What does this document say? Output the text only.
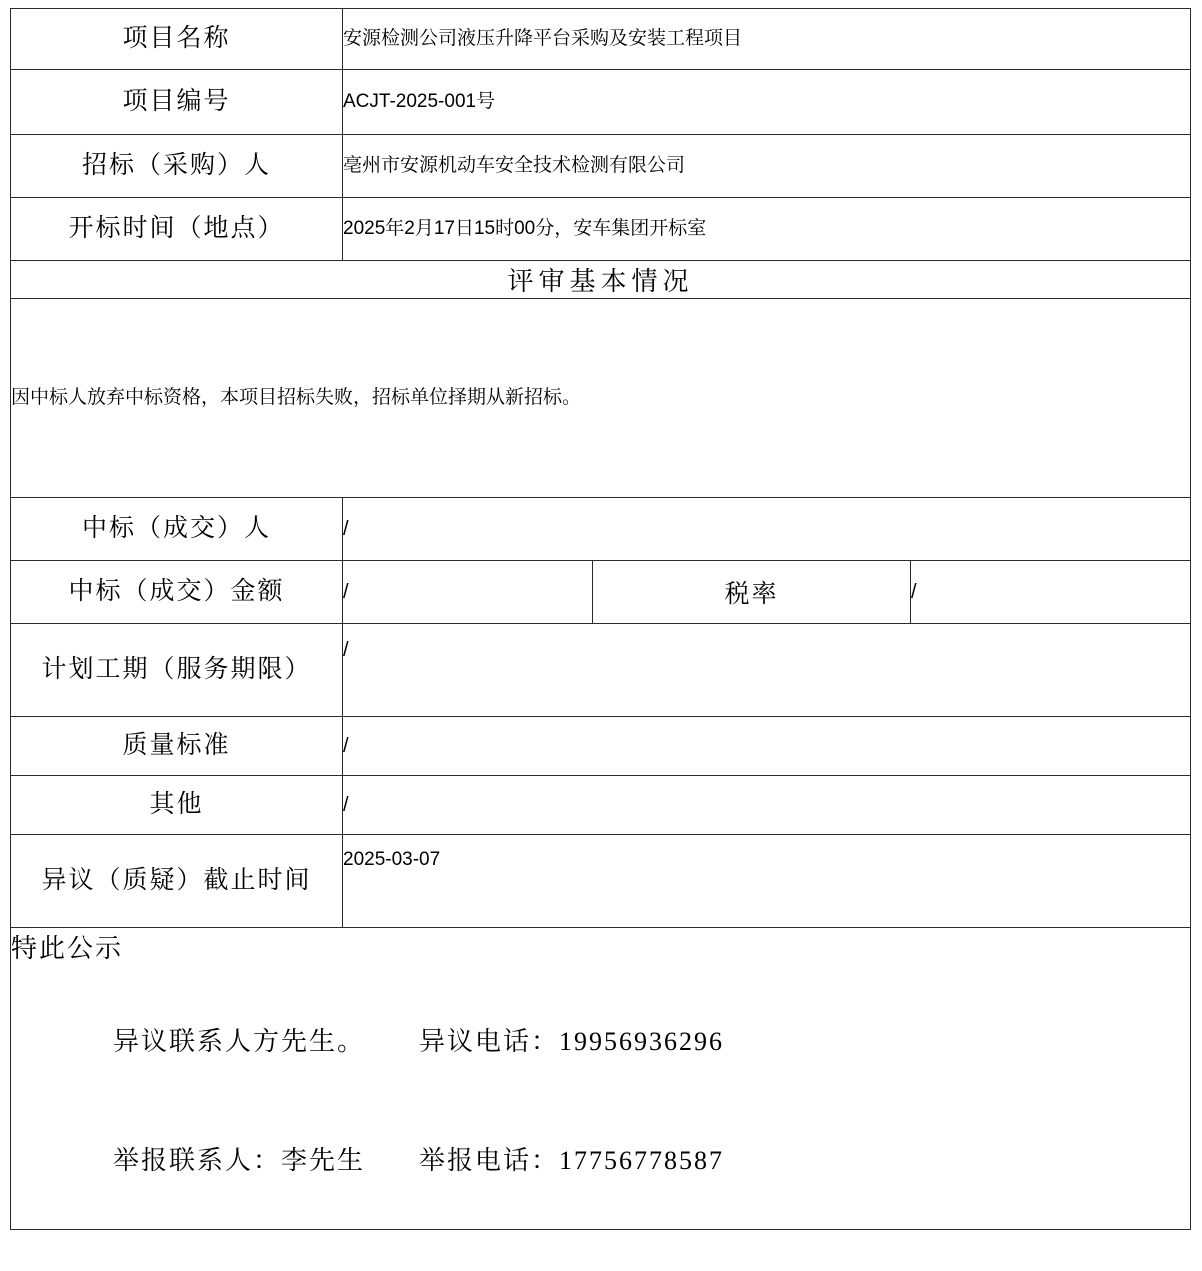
项目名称	安源检测公司液压升降平台采购及安装工程项目		
项目编号	ACJT-2025-001号		
招标（采购）人	亳州市安源机动车安全技术检测有限公司		
开标时间（地点）	2025年2月17日15时00分，安车集团开标室		
评审基本情况			
因中标人放弃中标资格，本项目招标失败，招标单位择期从新招标。			
中标（成交）人	/		
中标（成交）金额	/	税率	/
计划工期（服务期限）	/		
质量标准	/		
其他	/		
异议（质疑）截止时间	2025-03-07		

特此公示

异议联系人方先生。 异议电话：19956936296

举报联系人：李先生 举报电话：17756778587			
